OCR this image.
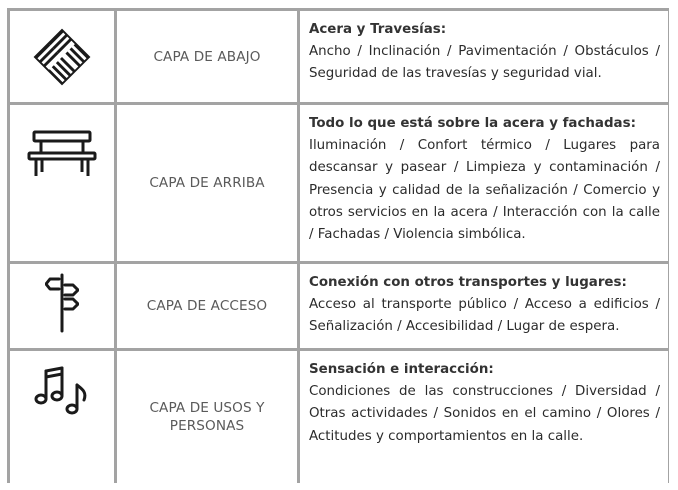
CAPA DE ABAJO
Acera y Travesías:
Ancho / Inclinación / Pavimentación / Obstáculos / Seguridad de las travesías y seguridad vial.
CAPA DE ARRIBA
Todo lo que está sobre la acera y fachadas:
Iluminación / Confort térmico / Lugares para descansar y pasear / Limpieza y contaminación / Presencia y calidad de la señalización / Comercio y otros servicios en la acera / Interacción con la calle / Fachadas / Violencia simbólica.
CAPA DE ACCESO
Conexión con otros transportes y lugares:
Acceso al transporte público / Acceso a edificios / Señalización / Accesibilidad / Lugar de espera.
CAPA DE USOS Y PERSONAS
Sensación e interacción:
Condiciones de las construcciones / Diversidad / Otras actividades / Sonidos en el camino / Olores / Actitudes y comportamientos en la calle.
